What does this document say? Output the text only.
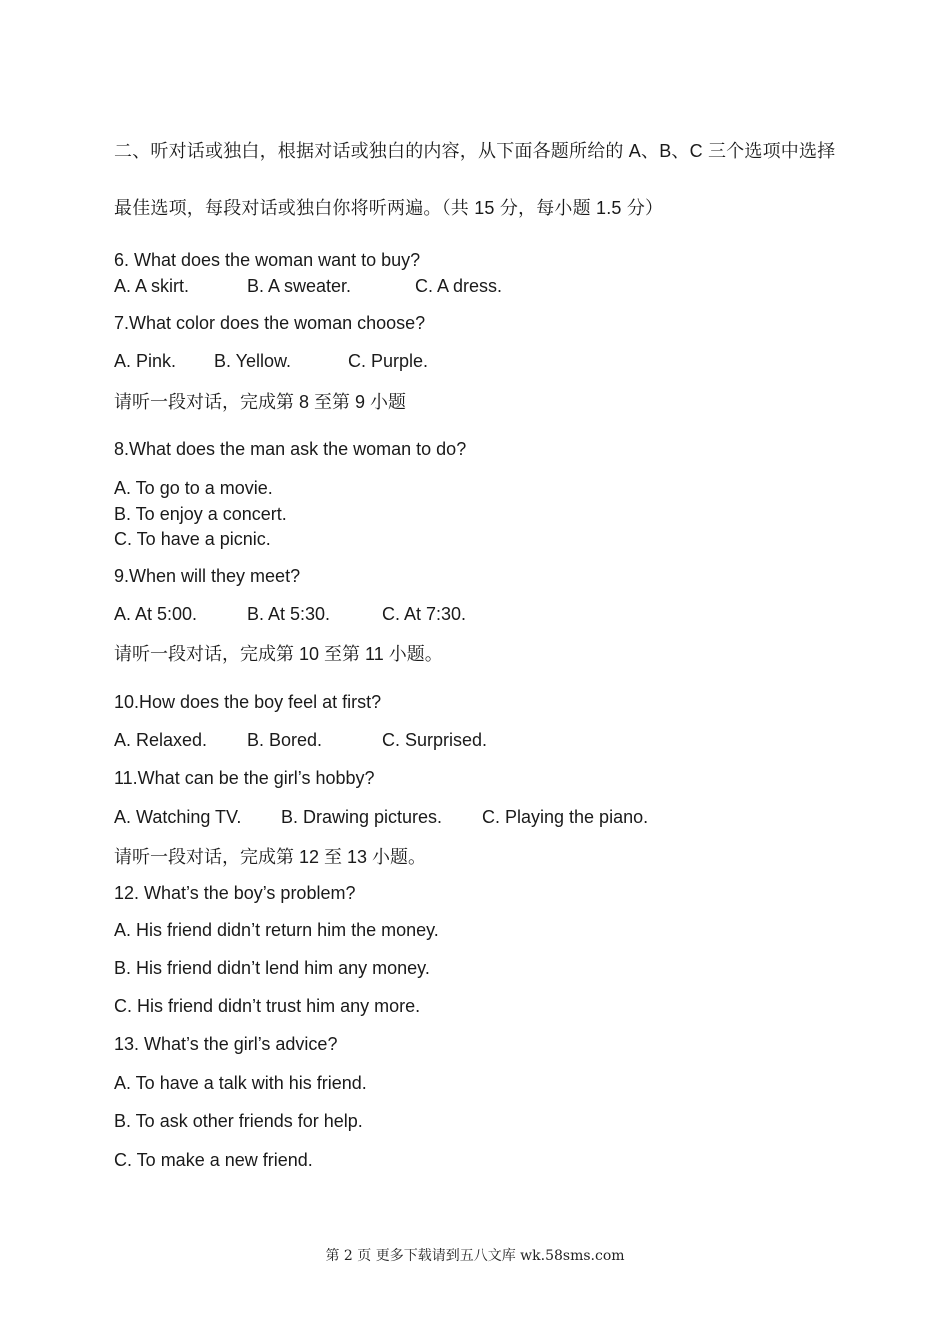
二、听对话或独白，根据对话或独白的内容，从下面各题所给的 A、B、C 三个选项中选择
最佳选项，每段对话或独白你将听两遍。（共 15 分，每小题 1.5 分）
6. What does the woman want to buy?
A. A skirt.	B. A sweater.	C. A dress.
7.What color does the woman choose?
A. Pink. B. Yellow.	C. Purple.
请听一段对话，完成第 8 至第 9 小题
8.What does the man ask the woman to do?
A. To go to a movie.
B. To enjoy a concert.
C. To have a picnic.
9.When will they meet?
A. At 5:00.	B. At 5:30.	C. At 7:30.
请听一段对话，完成第 10 至第 11 小题。
10.How does the boy feel at first?
A. Relaxed. B. Bored.	C. Surprised.
11.What can be the girl’s hobby?
A. Watching TV. B. Drawing pictures. C. Playing the piano.
请听一段对话，完成第 12 至 13 小题。
12. What’s the boy’s problem?
A. His friend didn’t return him the money.
B. His friend didn’t lend him any money.
C. His friend didn’t trust him any more.
13. What’s the girl’s advice?
A. To have a talk with his friend.
B. To ask other friends for help.
C. To make a new friend.
第 2 页 更多下载请到五八文库 wk.58sms.com
